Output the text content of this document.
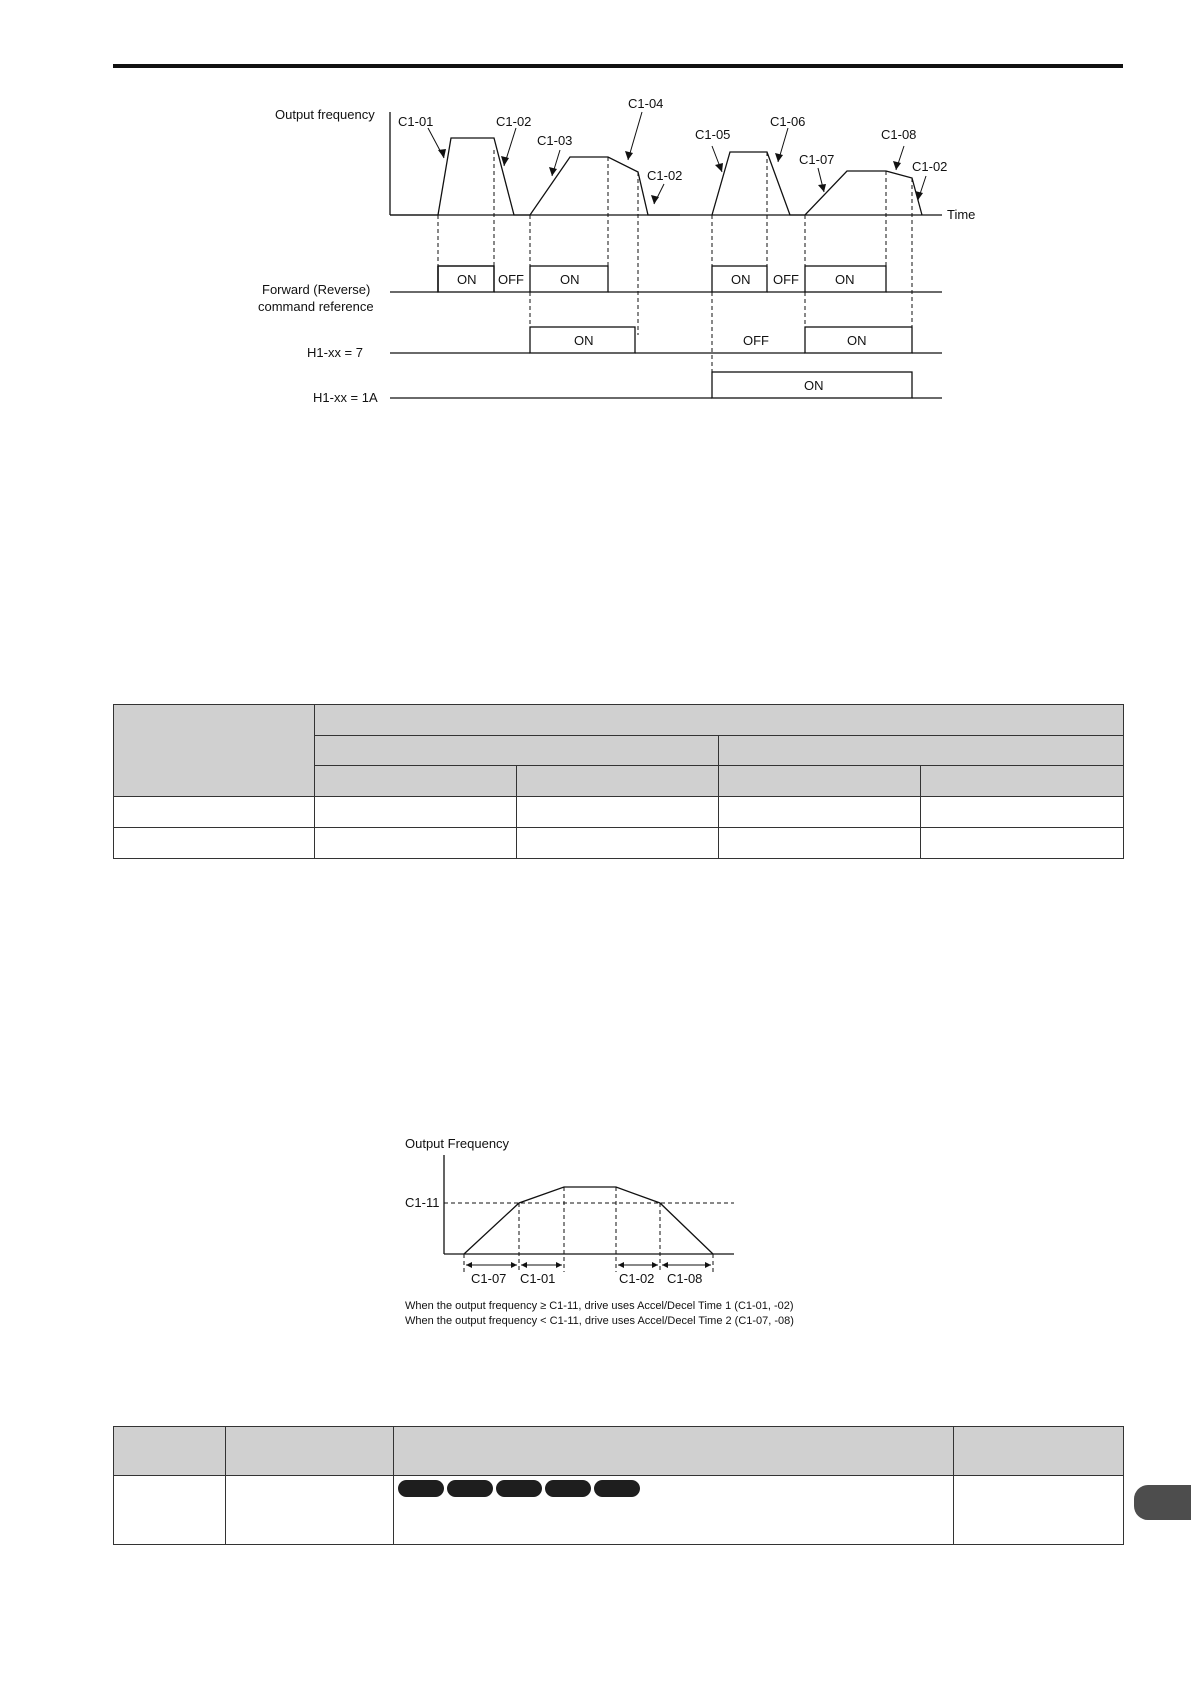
Output frequency
Time
C1-01	C1-02
C1-03
C1-04
C1-02
C1-05
C1-06
C1-07
C1-08
C1-02
Forward (Reverse)
command reference
ON OFF	ON	ON OFF	ON
H1-xx = 7
ON	OFF	ON
H1-xx = 1A
ON

Output Frequency
C1-11
C1-07 C1-01	C1-02 C1-08
When the output frequency ≥ C1-11, drive uses Accel/Decel Time 1 (C1-01, -02)
When the output frequency < C1-11, drive uses Accel/Decel Time 2 (C1-07, -08)
